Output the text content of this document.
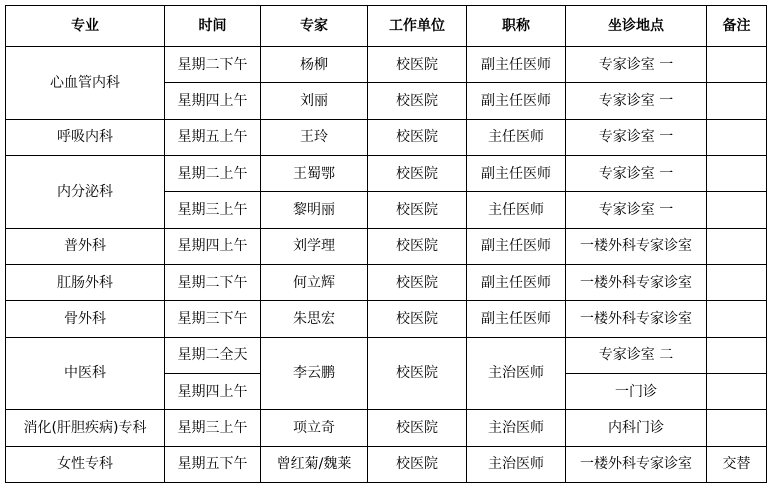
专业	时间	专家	工作单位	职称	坐诊地点	备注
心血管内科	星期二下午	杨柳	校医院	副主任医师	专家诊室 一	
	星期四上午	刘丽	校医院	副主任医师	专家诊室 一	
呼吸内科	星期五上午	王玲	校医院	主任医师	专家诊室 一	
内分泌科	星期二上午	王蜀鄂	校医院	副主任医师	专家诊室 一	
	星期三上午	黎明丽	校医院	主任医师	专家诊室 一	
普外科	星期四上午	刘学理	校医院	副主任医师	一楼外科专家诊室	
肛肠外科	星期二下午	何立辉	校医院	副主任医师	一楼外科专家诊室	
骨外科	星期三下午	朱思宏	校医院	副主任医师	一楼外科专家诊室	
中医科	星期二全天	李云鹏	校医院	主治医师	专家诊室 二	
	星期四上午				一门诊	
消化(肝胆疾病)专科	星期三上午	项立奇	校医院	主治医师	内科门诊	
女性专科	星期五下午	曾红菊/魏莱	校医院	主治医师	一楼外科专家诊室	交替
